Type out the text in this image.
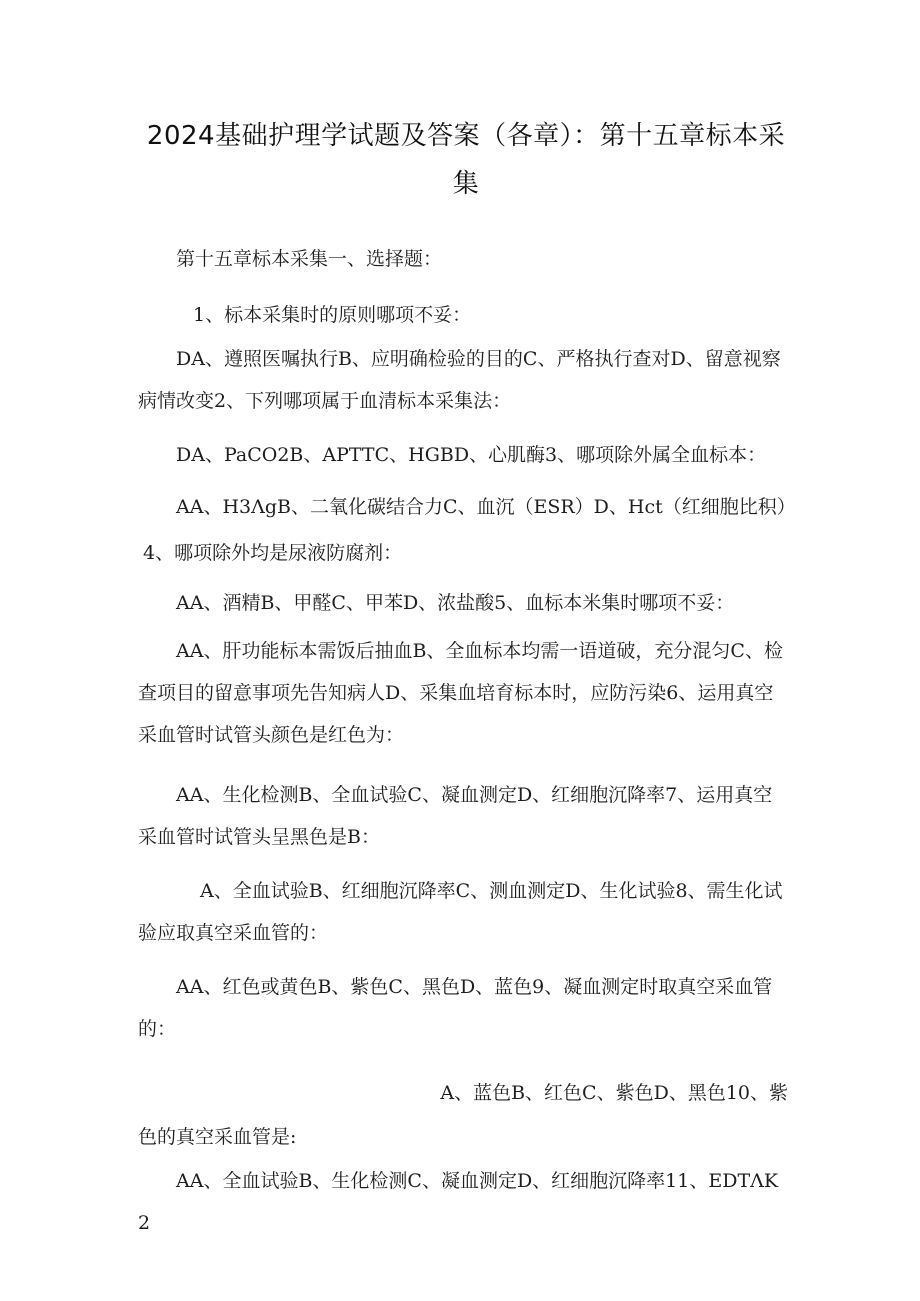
2024基础护理学试题及答案（各章）：第十五章标本采集

第十五章标本采集一、选择题：

1、标本采集时的原则哪项不妥：

DA、遵照医嘱执行B、应明确检验的目的C、严格执行查对D、留意视察病情改变2、下列哪项属于血清标本采集法：

DA、PaCO2B、APTTC、HGBD、心肌酶3、哪项除外属全血标本：

AA、H3ΛgB、二氧化碳结合力C、血沉（ESR）D、Hct（红细胞比积）

4、哪项除外均是尿液防腐剂：

AA、酒精B、甲醛C、甲苯D、浓盐酸5、血标本米集时哪项不妥：

AA、肝功能标本需饭后抽血B、全血标本均需一语道破，充分混匀C、检查项目的留意事项先告知病人D、采集血培育标本时，应防污染6、运用真空采血管时试管头颜色是红色为：

AA、生化检测B、全血试验C、凝血测定D、红细胞沉降率7、运用真空采血管时试管头呈黑色是B：

A、全血试验B、红细胞沉降率C、测血测定D、生化试验8、需生化试验应取真空采血管的：

AA、红色或黄色B、紫色C、黑色D、蓝色9、凝血测定时取真空采血管的：

A、蓝色B、红色C、紫色D、黑色10、紫

色的真空采血管是:

AA、全血试验B、生化检测C、凝血测定D、红细胞沉降率11、EDTΛK2
